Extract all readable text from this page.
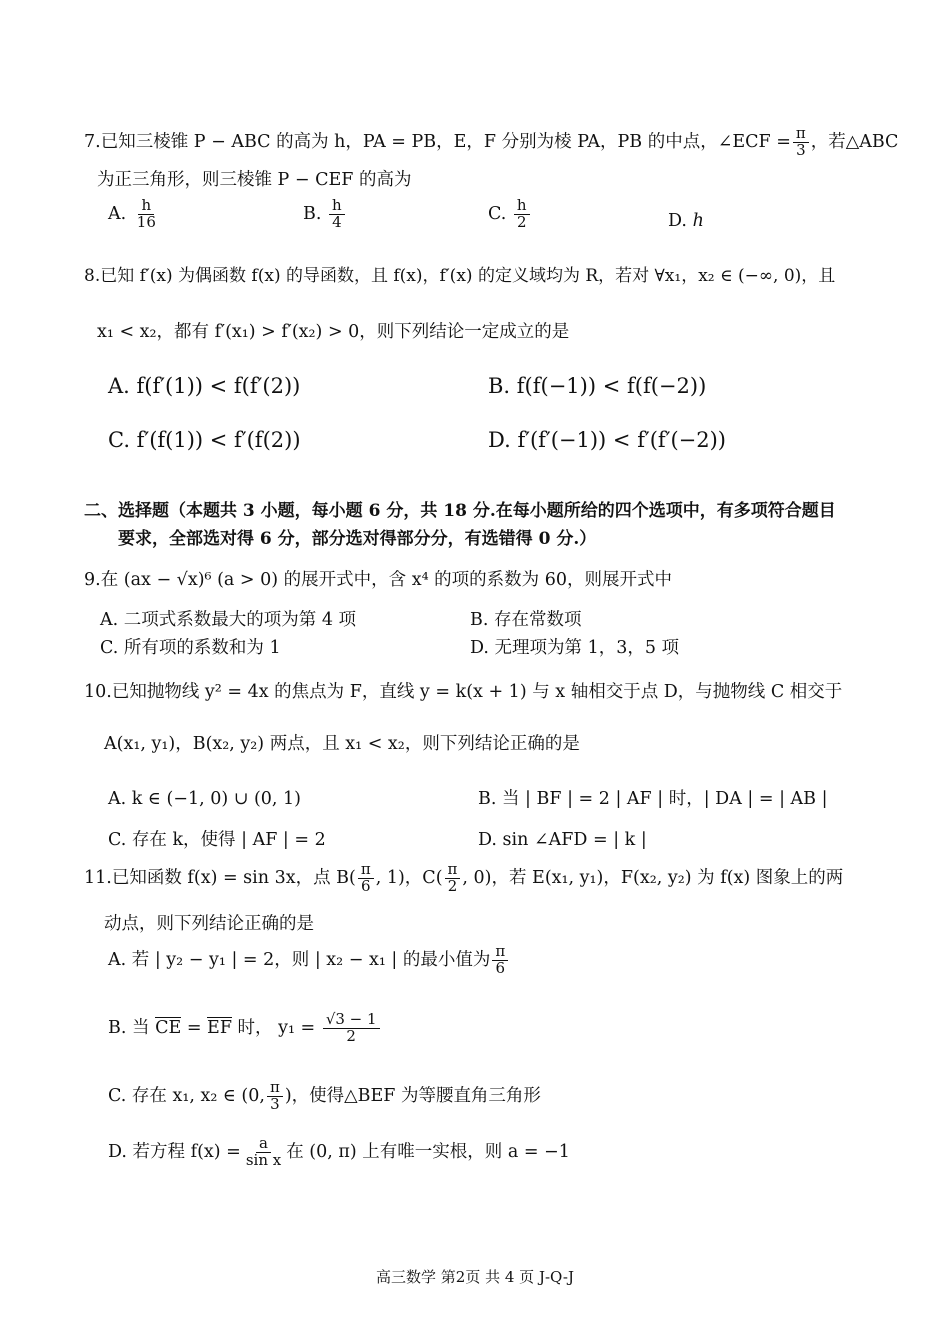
7.已知三棱锥 P − ABC 的高为 h，PA = PB，E，F 分别为棱 PA，PB 的中点，∠ECF = $\frac{\pi}{3}$ ，若△ABC
为正三角形，则三棱锥 P − CEF 的高为
A. $\frac{h}{16}$	B. $\frac{h}{4}$	C. $\frac{h}{2}$	D. h
8.已知 f′(x) 为偶函数 f(x) 的导函数，且 f(x)，f′(x) 的定义域均为 R，若对 ∀x₁，x₂ ∈ (−∞, 0)，且
x₁ < x₂，都有 f′(x₁) > f′(x₂) > 0，则下列结论一定成立的是
A. f(f′(1)) < f(f′(2))	B. f(f(−1)) < f(f(−2))
C. f′(f(1)) < f′(f(2))	D. f′(f′(−1)) < f′(f′(−2))
二、选择题（本题共 3 小题，每小题 6 分，共 18 分.在每小题所给的四个选项中，有多项符合题目
要求，全部选对得 6 分，部分选对得部分分，有选错得 0 分.）
9.在 (ax − √x)⁶ (a > 0) 的展开式中，含 x⁴ 的项的系数为 60，则展开式中
A. 二项式系数最大的项为第 4 项	B. 存在常数项
C. 所有项的系数和为 1	D. 无理项为第 1，3，5 项
10.已知抛物线 y² = 4x 的焦点为 F，直线 y = k(x + 1) 与 x 轴相交于点 D，与抛物线 C 相交于
A(x₁, y₁)，B(x₂, y₂) 两点，且 x₁ < x₂，则下列结论正确的是
A. k ∈ (−1, 0) ∪ (0, 1)	B. 当 | BF | = 2 | AF | 时，| DA | = | AB |
C. 存在 k，使得 | AF | = 2	D. sin ∠AFD = | k |
11.已知函数 f(x) = sin 3x，点 $B( \frac{\pi}{6}$ , 1)，$C( \frac{\pi}{2}$ , 0)，若 E(x₁, y₁)，F(x₂, y₂) 为 f(x) 图象上的两
动点，则下列结论正确的是
A. 若 | y₂ − y₁ | = 2，则 | x₂ − x₁ | 的最小值为 $\frac{\pi}{6}$
B. 当 CE = EF 时， $y_1 = \frac{√3 - 1}{2}$
C. 存在 x₁, x₂ ∈ (0, $\frac{\pi}{3}$ )，使得△BEF 为等腰直角三角形
D. 若方程 $f(x) = \frac{a}{\text{sin x}}$ 在 (0, π) 上有唯一实根，则 a = −1
高三数学 第2页 共 4 页 J-Q-J
